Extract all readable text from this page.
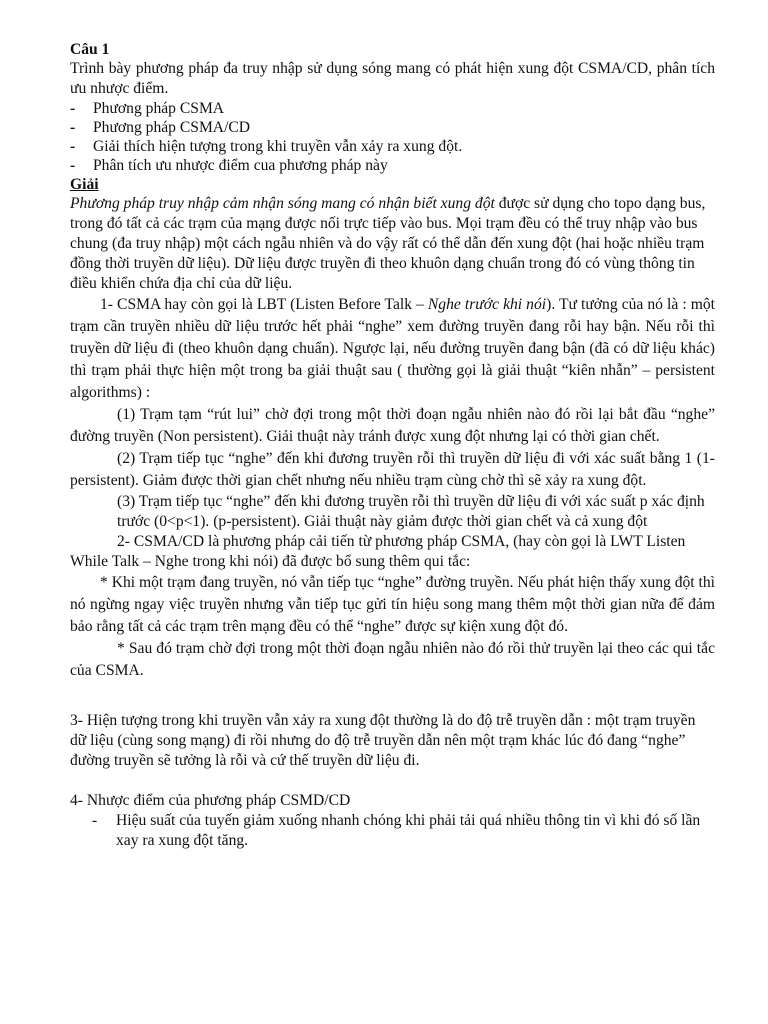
Câu 1

Trình bày phương pháp đa truy nhập sử dụng sóng mang có phát hiện xung đột CSMA/CD, phân tích ưu nhược điểm.

- Phương pháp CSMA
- Phương pháp CSMA/CD
- Giải thích hiện tượng trong khi truyền vẫn xảy ra xung đột.
- Phân tích ưu nhược điểm cua phương pháp này

Giải

Phương pháp truy nhập cảm nhận sóng mang có nhận biết xung đột được sử dụng cho topo dạng bus, trong đó tất cả các trạm của mạng được nối trực tiếp vào bus. Mọi trạm đều có thể truy nhập vào bus chung (đa truy nhập) một cách ngẫu nhiên và do vậy rất có thể dẫn đến xung đột (hai hoặc nhiều trạm đồng thời truyền dữ liệu). Dữ liệu được truyền đi theo khuôn dạng chuẩn trong đó có vùng thông tin điều khiển chứa địa chỉ của dữ liệu.

1- CSMA hay còn gọi là LBT (Listen Before Talk – Nghe trước khi nói). Tư tưởng của nó là : một trạm cần truyền nhiều dữ liệu trước hết phải “nghe” xem đường truyền đang rỗi hay bận. Nếu rỗi thì truyền dữ liệu đi (theo khuôn dạng chuẩn). Ngược lại, nếu đường truyền đang bận (đã có dữ liệu khác) thì trạm phải thực hiện một trong ba giải thuật sau ( thường gọi là giải thuật “kiên nhẫn” – persistent algorithms) :

(1) Trạm tạm “rút lui” chờ đợi trong một thời đoạn ngẫu nhiên nào đó rồi lại bắt đầu “nghe” đường truyền (Non persistent). Giải thuật này tránh được xung đột nhưng lại có thời gian chết.

(2) Trạm tiếp tục “nghe” đến khi đương truyền rỗi thì truyền dữ liệu đi với xác suất bằng 1 (1-persistent). Giảm được thời gian chết nhưng nếu nhiều trạm cùng chờ thì sẽ xảy ra xung đột.

(3) Trạm tiếp tục “nghe” đến khi đương truyền rỗi thì truyền dữ liệu đi với xác suất p xác định trước (0<p<1). (p-persistent). Giải thuật này giảm được thời gian chết và cả xung đột

2- CSMA/CD là phương pháp cải tiến từ phương pháp CSMA, (hay còn gọi là LWT Listen While Talk – Nghe trong khi nói) đã được bổ sung thêm qui tắc:

* Khi một trạm đang truyền, nó vẫn tiếp tục “nghe” đường truyền. Nếu phát hiện thấy xung đột thì nó ngừng ngay việc truyền nhưng vẫn tiếp tục gửi tín hiệu song mang thêm một thời gian nữa để đảm bảo rằng tất cả các trạm trên mạng đều có thể “nghe” được sự kiện xung đột đó.

* Sau đó trạm chờ đợi trong một thời đoạn ngẫu nhiên nào đó rồi thử truyền lại theo các qui tắc của CSMA.

3- Hiện tượng trong khi truyền vẫn xảy ra xung đột thường là do độ trễ truyền dẫn : một trạm truyền dữ liệu (cùng song mạng) đi rồi nhưng do độ trễ truyền dẫn nên một trạm khác lúc đó đang “nghe” đường truyền sẽ tưởng là rỗi và cứ thế truyền dữ liệu đi.

4- Nhược điểm của phương pháp CSMD/CD

- Hiệu suất của tuyến giảm xuống nhanh chóng khi phải tải quá nhiều thông tin vì khi đó số lần xay ra xung đột tăng.
